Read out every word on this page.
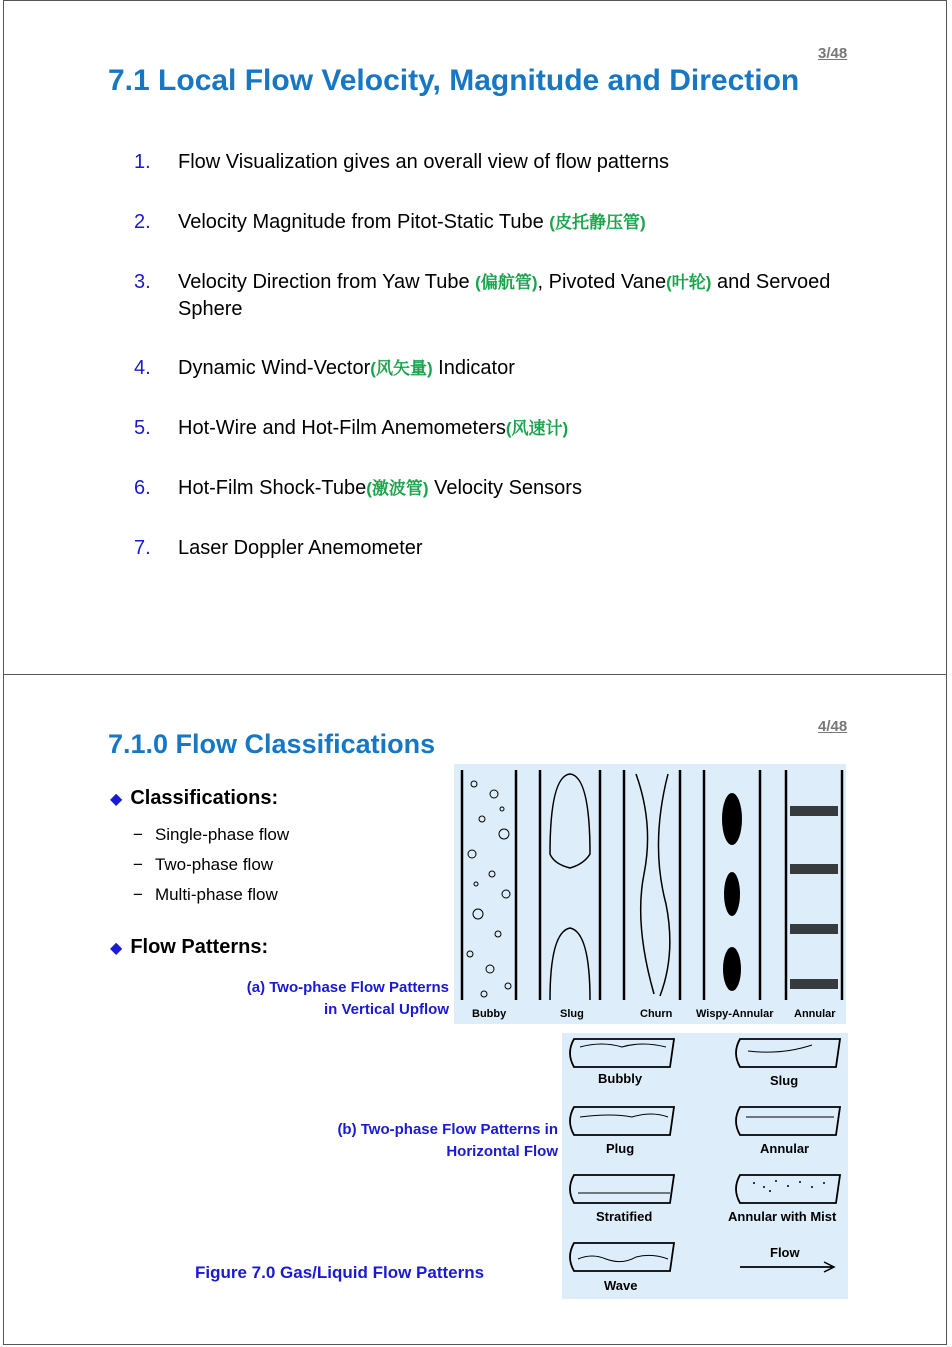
3/48
7.1 Local Flow Velocity, Magnitude and Direction
1. Flow Visualization gives an overall view of flow patterns
2. Velocity Magnitude from Pitot-Static Tube (皮托静压管)
3. Velocity Direction from Yaw Tube (偏航管), Pivoted Vane(叶轮) and Servoed Sphere
4. Dynamic Wind-Vector(风矢量) Indicator
5. Hot-Wire and Hot-Film Anemometers(风速计)
6. Hot-Film Shock-Tube(激波管) Velocity Sensors
7. Laser Doppler Anemometer
4/48
7.1.0 Flow Classifications
◆ Classifications:
− Single-phase flow
− Two-phase flow
− Multi-phase flow
◆ Flow Patterns:
(a) Two-phase Flow Patterns
in Vertical Upflow
(b) Two-phase Flow Patterns in
Horizontal Flow
Figure 7.0 Gas/Liquid Flow Patterns
Bubby	Slug	Churn Wispy-Annular Annular
Bubbly	Slug
Plug	Annular
Stratified	Annular with Mist
Wave
Flow
